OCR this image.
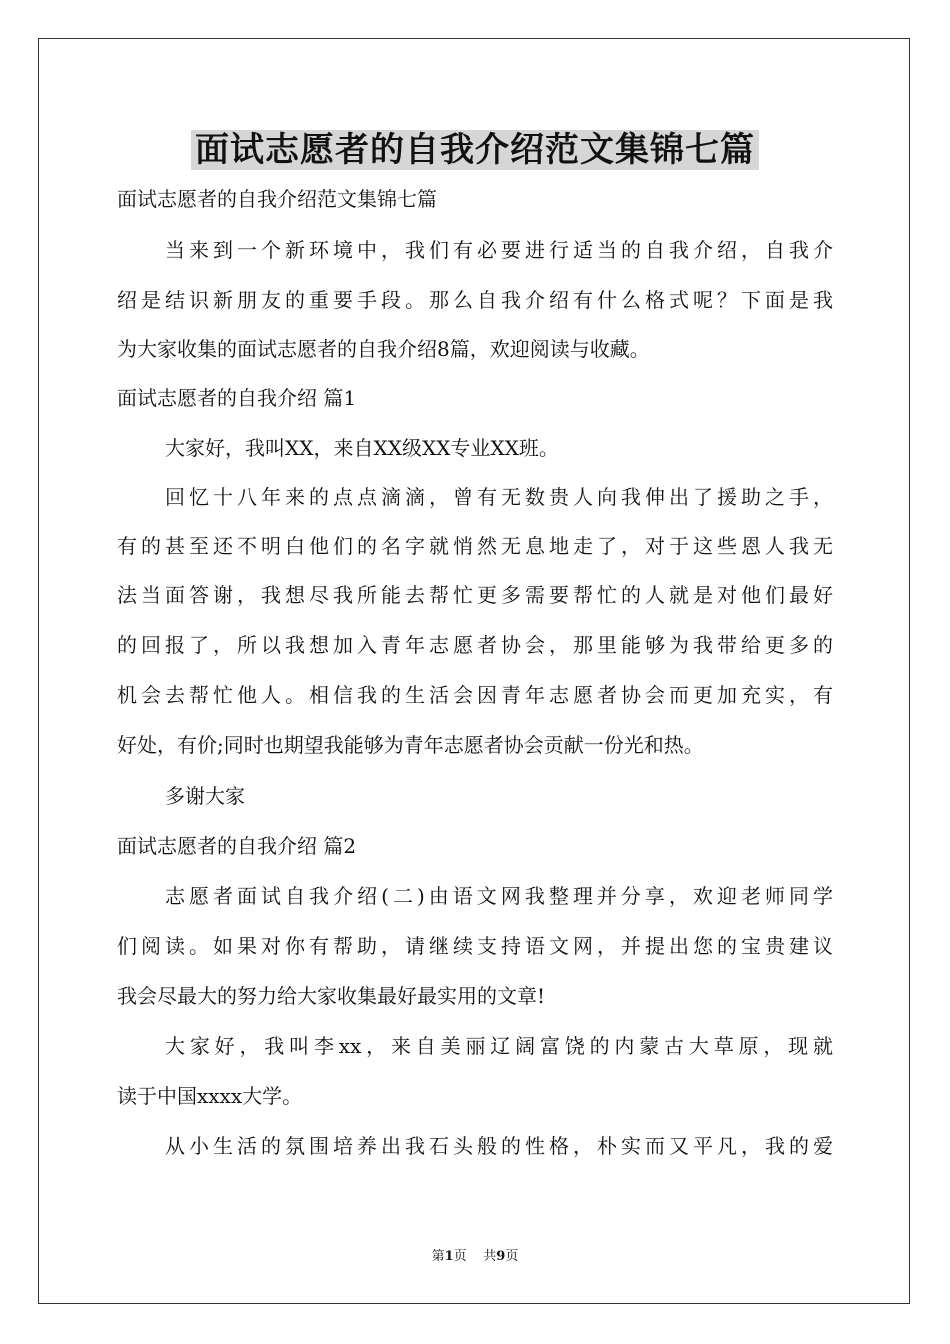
面试志愿者的自我介绍范文集锦七篇

面试志愿者的自我介绍范文集锦七篇

当来到一个新环境中，我们有必要进行适当的自我介绍，自我介

绍是结识新朋友的重要手段。那么自我介绍有什么格式呢？下面是我

为大家收集的面试志愿者的自我介绍8篇，欢迎阅读与收藏。

面试志愿者的自我介绍 篇1

大家好，我叫XX，来自XX级XX专业XX班。

回忆十八年来的点点滴滴，曾有无数贵人向我伸出了援助之手，

有的甚至还不明白他们的名字就悄然无息地走了，对于这些恩人我无

法当面答谢，我想尽我所能去帮忙更多需要帮忙的人就是对他们最好

的回报了，所以我想加入青年志愿者协会，那里能够为我带给更多的

机会去帮忙他人。相信我的生活会因青年志愿者协会而更加充实，有

好处，有价;同时也期望我能够为青年志愿者协会贡献一份光和热。

多谢大家

面试志愿者的自我介绍 篇2

志愿者面试自我介绍(二)由语文网我整理并分享，欢迎老师同学

们阅读。如果对你有帮助，请继续支持语文网，并提出您的宝贵建议

我会尽最大的努力给大家收集最好最实用的文章!

大家好，我叫李xx，来自美丽辽阔富饶的内蒙古大草原，现就

读于中国xxxx大学。

从小生活的氛围培养出我石头般的性格，朴实而又平凡，我的爱

第1页 共9页
